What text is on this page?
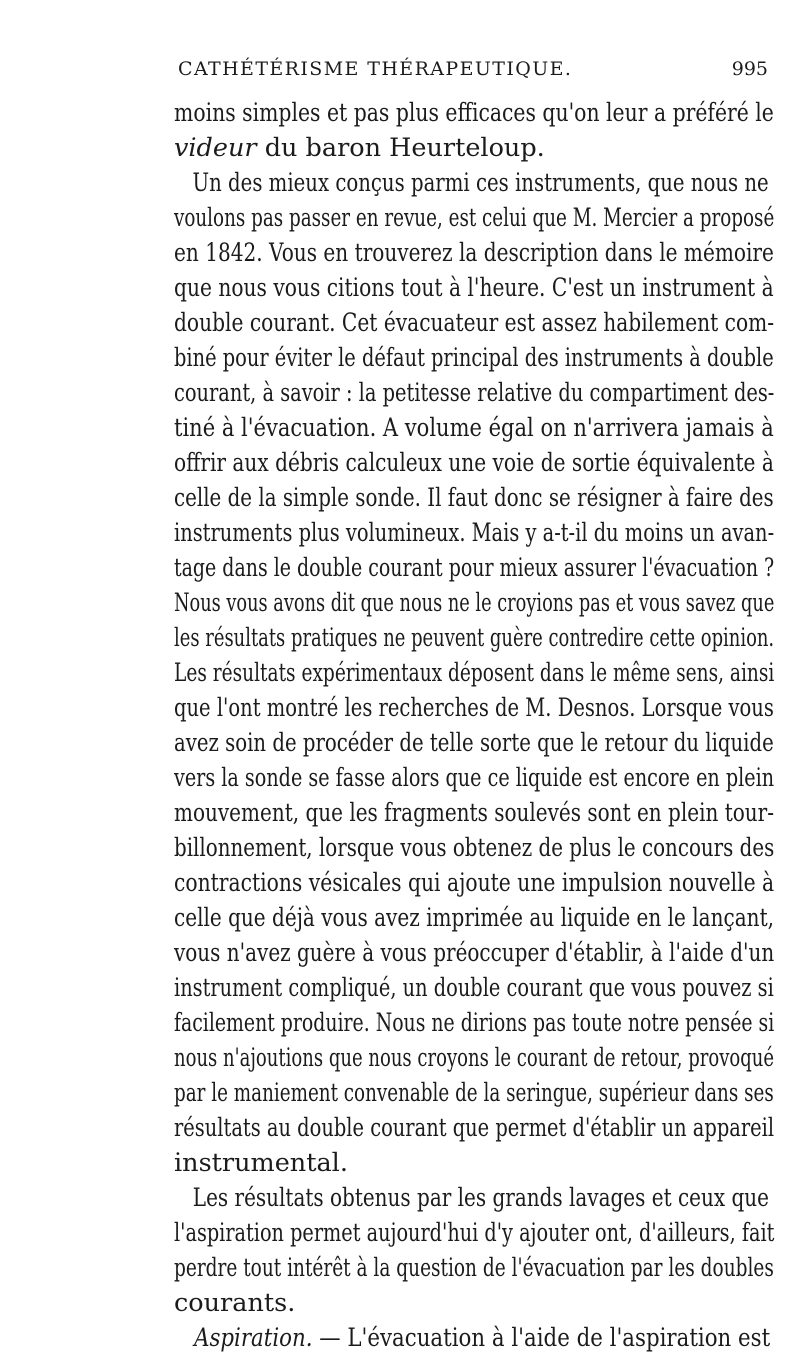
CATHÉTÉRISME THÉRAPEUTIQUE.	995
moins simples et pas plus efficaces qu'on leur a préféré le
videur du baron Heurteloup.
Un des mieux conçus parmi ces instruments, que nous ne
voulons pas passer en revue, est celui que M. Mercier a proposé
en 1842. Vous en trouverez la description dans le mémoire
que nous vous citions tout à l'heure. C'est un instrument à
double courant. Cet évacuateur est assez habilement com-
biné pour éviter le défaut principal des instruments à double
courant, à savoir : la petitesse relative du compartiment des-
tiné à l'évacuation. A volume égal on n'arrivera jamais à
offrir aux débris calculeux une voie de sortie équivalente à
celle de la simple sonde. Il faut donc se résigner à faire des
instruments plus volumineux. Mais y a-t-il du moins un avan-
tage dans le double courant pour mieux assurer l'évacuation ?
Nous vous avons dit que nous ne le croyions pas et vous savez que
les résultats pratiques ne peuvent guère contredire cette opinion.
Les résultats expérimentaux déposent dans le même sens, ainsi
que l'ont montré les recherches de M. Desnos. Lorsque vous
avez soin de procéder de telle sorte que le retour du liquide
vers la sonde se fasse alors que ce liquide est encore en plein
mouvement, que les fragments soulevés sont en plein tour-
billonnement, lorsque vous obtenez de plus le concours des
contractions vésicales qui ajoute une impulsion nouvelle à
celle que déjà vous avez imprimée au liquide en le lançant,
vous n'avez guère à vous préoccuper d'établir, à l'aide d'un
instrument compliqué, un double courant que vous pouvez si
facilement produire. Nous ne dirions pas toute notre pensée si
nous n'ajoutions que nous croyons le courant de retour, provoqué
par le maniement convenable de la seringue, supérieur dans ses
résultats au double courant que permet d'établir un appareil
instrumental.
Les résultats obtenus par les grands lavages et ceux que
l'aspiration permet aujourd'hui d'y ajouter ont, d'ailleurs, fait
perdre tout intérêt à la question de l'évacuation par les doubles
courants.
Aspiration. — L'évacuation à l'aide de l'aspiration est
